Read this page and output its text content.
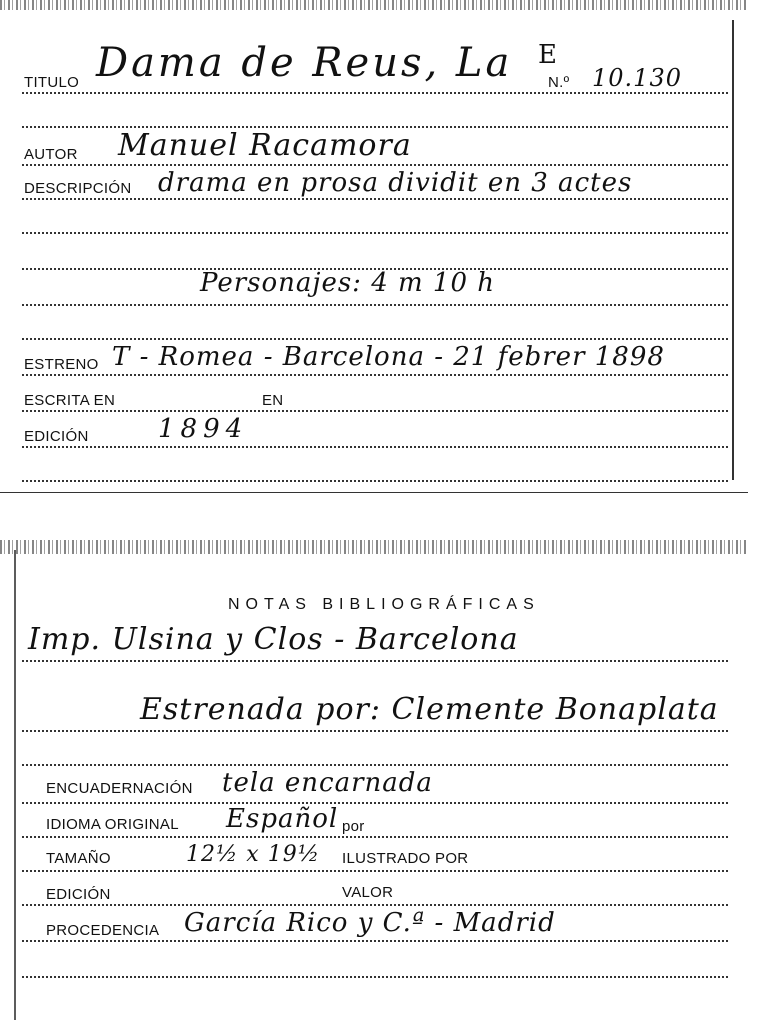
TITULO Dama de Reus, La E
N.º 10.130
AUTOR Manuel Racamora
DESCRIPCIÓN drama en prosa dividit en 3 actes
Personajes: 4 m 10 h
ESTRENO T - Romea - Barcelona - 21 febrer 1898
ESCRITA EN	EN
EDICIÓN	1894
NOTAS BIBLIOGRÁFICAS
Imp. Ulsina y Clos - Barcelona
Estrenada por: Clemente Bonaplata
ENCUADERNACIÓN tela encarnada
IDIOMA ORIGINAL Español por
TAMAÑO	12½ x 19½ ILUSTRADO POR
EDICIÓN	VALOR
PROCEDENCIA García Rico y C.ª - Madrid
